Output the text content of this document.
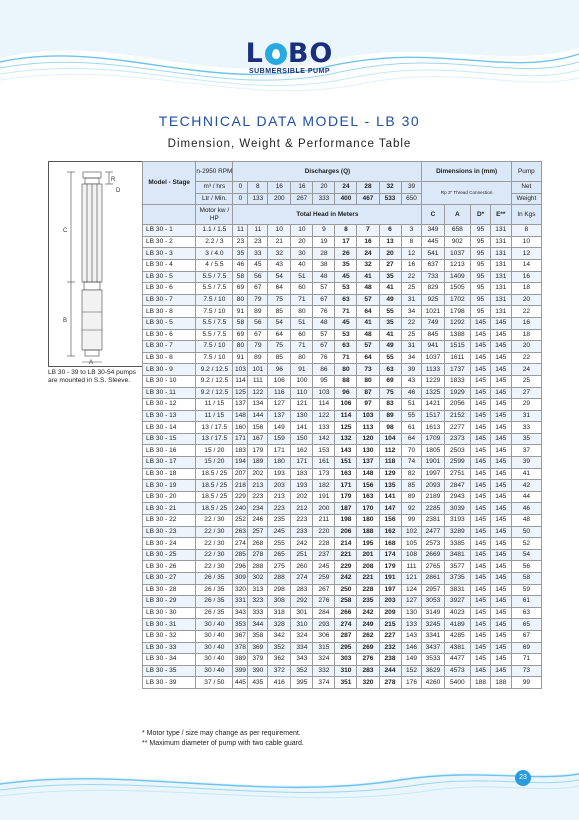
L BO
SUBMERSIBLE PUMP
TECHNICAL DATA MODEL - LB 30
Dimension, Weight & Performance Table
R
D
C
B
A
LB 30 - 39 to LB 30-54 pumps are mounted in S.S. Sleeve.
Model - Stage	n-2950 RPM	Discharges (Q)									Dimensions in (mm)				Pump
	m³ / hrs	0	8	16	16	20	24	28	32	39	Rp 3" Thread Connection				Net
	Ltr / Min.	0	133	200	267	333	400	467	533	650					Weight
	Motor kw / HP	Total Head in Meters									C	A	D*	E**	In Kgs
LB 30 - 1	1.1 / 1.5	11	11	10	10	9	8	7	6	3	349	658	95	131	8
LB 30 - 2	2.2 / 3	23	23	21	20	19	17	16	13	8	445	902	95	131	10
LB 30 - 3	3 / 4.0	35	33	32	30	28	26	24	20	12	541	1037	95	131	12
LB 30 - 4	4 / 5.5	46	45	43	40	38	35	32	27	16	637	1213	95	131	14
LB 30 - 5	5.5 / 7.5	58	56	54	51	48	45	41	35	22	733	1409	95	131	16
LB 30 - 6	5.5 / 7.5	69	67	64	60	57	53	48	41	25	829	1505	95	131	18
LB 30 - 7	7.5 / 10	80	79	75	71	67	63	57	49	31	925	1702	95	131	20
LB 30 - 8	7.5 / 10	91	89	85	80	76	71	64	55	34	1021	1798	95	131	22
LB 30 - 5	5.5 / 7.5	58	56	54	51	48	45	41	35	22	749	1292	145	145	16
LB 30 - 6	5.5 / 7.5	69	67	64	60	57	53	48	41	25	845	1388	145	145	18
LB 30 - 7	7.5 / 10	80	79	75	71	67	63	57	49	31	941	1515	145	145	20
LB 30 - 8	7.5 / 10	91	89	85	80	76	71	64	55	34	1037	1611	145	145	22
LB 30 - 9	9.2 / 12.5	103	101	96	91	86	80	73	63	39	1133	1737	145	145	24
LB 30 - 10	9.2 / 12.5	114	111	106	100	95	88	80	69	43	1229	1833	145	145	25
LB 30 - 11	9.2 / 12.5	125	122	116	110	103	96	87	75	46	1325	1929	145	145	27
LB 30 - 12	11 / 15	137	134	127	121	114	106	97	83	51	1421	2056	145	145	29
LB 30 - 13	11 / 15	148	144	137	130	122	114	103	89	55	1517	2152	145	145	31
LB 30 - 14	13 / 17.5	160	156	149	141	133	125	113	98	61	1613	2277	145	145	33
LB 30 - 15	13 / 17.5	171	167	159	150	142	132	120	104	64	1709	2373	145	145	35
LB 30 - 16	15 / 20	183	179	171	162	153	143	130	112	70	1805	2503	145	145	37
LB 30 - 17	15 / 20	194	189	180	171	161	151	137	118	74	1901	2599	145	145	39
LB 30 - 18	18.5 / 25	207	202	193	183	173	163	148	129	82	1997	2751	145	145	41
LB 30 - 19	18.5 / 25	218	213	203	193	182	171	156	135	85	2093	2847	145	145	42
LB 30 - 20	18.5 / 25	229	223	213	202	191	179	163	141	89	2189	2943	145	145	44
LB 30 - 21	18.5 / 25	240	234	223	212	200	187	170	147	92	2285	3039	145	145	46
LB 30 - 22	22 / 30	252	246	235	223	211	198	180	156	99	2381	3193	145	145	48
LB 30 - 23	22 / 30	263	257	245	233	220	206	188	162	102	2477	3289	145	145	50
LB 30 - 24	22 / 30	274	268	255	242	228	214	195	168	105	2573	3385	145	145	52
LB 30 - 25	22 / 30	285	278	265	251	237	221	201	174	108	2669	3481	145	145	54
LB 30 - 26	22 / 30	296	288	275	260	245	229	208	179	111	2765	3577	145	145	56
LB 30 - 27	26 / 35	309	302	288	274	259	242	221	191	121	2861	3735	145	145	58
LB 30 - 28	26 / 35	320	313	298	283	267	250	228	197	124	2957	3831	145	145	59
LB 30 - 29	26 / 35	331	323	308	292	276	258	235	203	127	3053	3927	145	145	61
LB 30 - 30	26 / 35	343	333	318	301	284	266	242	209	130	3149	4023	145	145	63
LB 30 - 31	30 / 40	353	344	328	310	293	274	249	215	133	3245	4189	145	145	65
LB 30 - 32	30 / 40	367	358	342	324	306	287	262	227	143	3341	4285	145	145	67
LB 30 - 33	30 / 40	378	369	352	334	315	295	269	232	146	3437	4381	145	145	69
LB 30 - 34	30 / 40	389	379	362	343	324	303	276	238	149	3533	4477	145	145	71
LB 30 - 35	30 / 40	399	390	372	352	332	310	283	244	152	3629	4573	145	145	73
LB 30 - 39	37 / 50	445	435	416	395	374	351	320	278	176	4260	5400	188	188	99
* Motor type / size may change as per requirement.
** Maximum diameter of pump with two cable guard.
23
